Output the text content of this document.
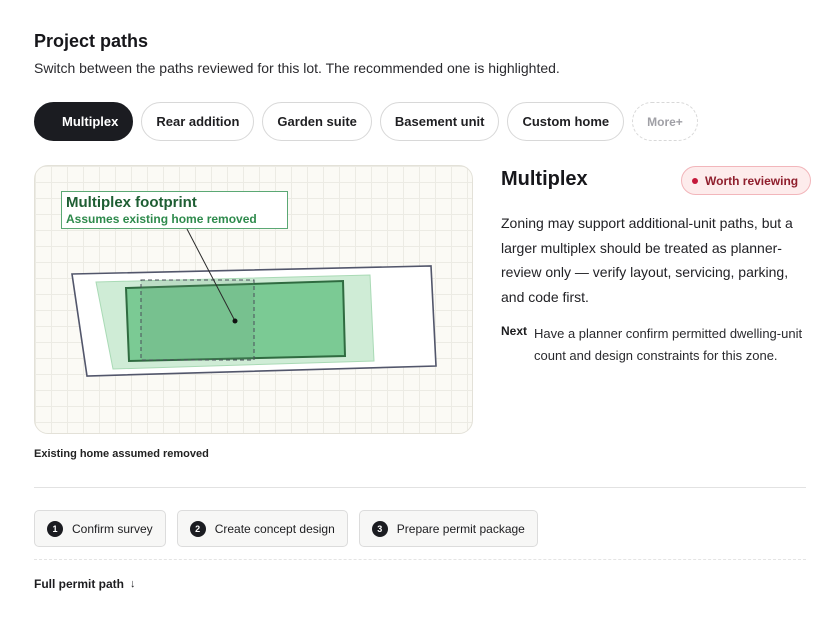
Project paths
Switch between the paths reviewed for this lot. The recommended one is highlighted.
Multiplex	Rear addition	Garden suite	Basement unit	Custom home	More+
Multiplex footprint
Assumes existing home removed
Existing home assumed removed
Multiplex	Worth reviewing
Zoning may support additional-unit paths, but a larger multiplex should be treated as planner-review only — verify layout, servicing, parking, and code first.
Next Have a planner confirm permitted dwelling-unit count and design constraints for this zone.
1	Confirm survey	2	Create concept design	3	Prepare permit package
Full permit path ↓
